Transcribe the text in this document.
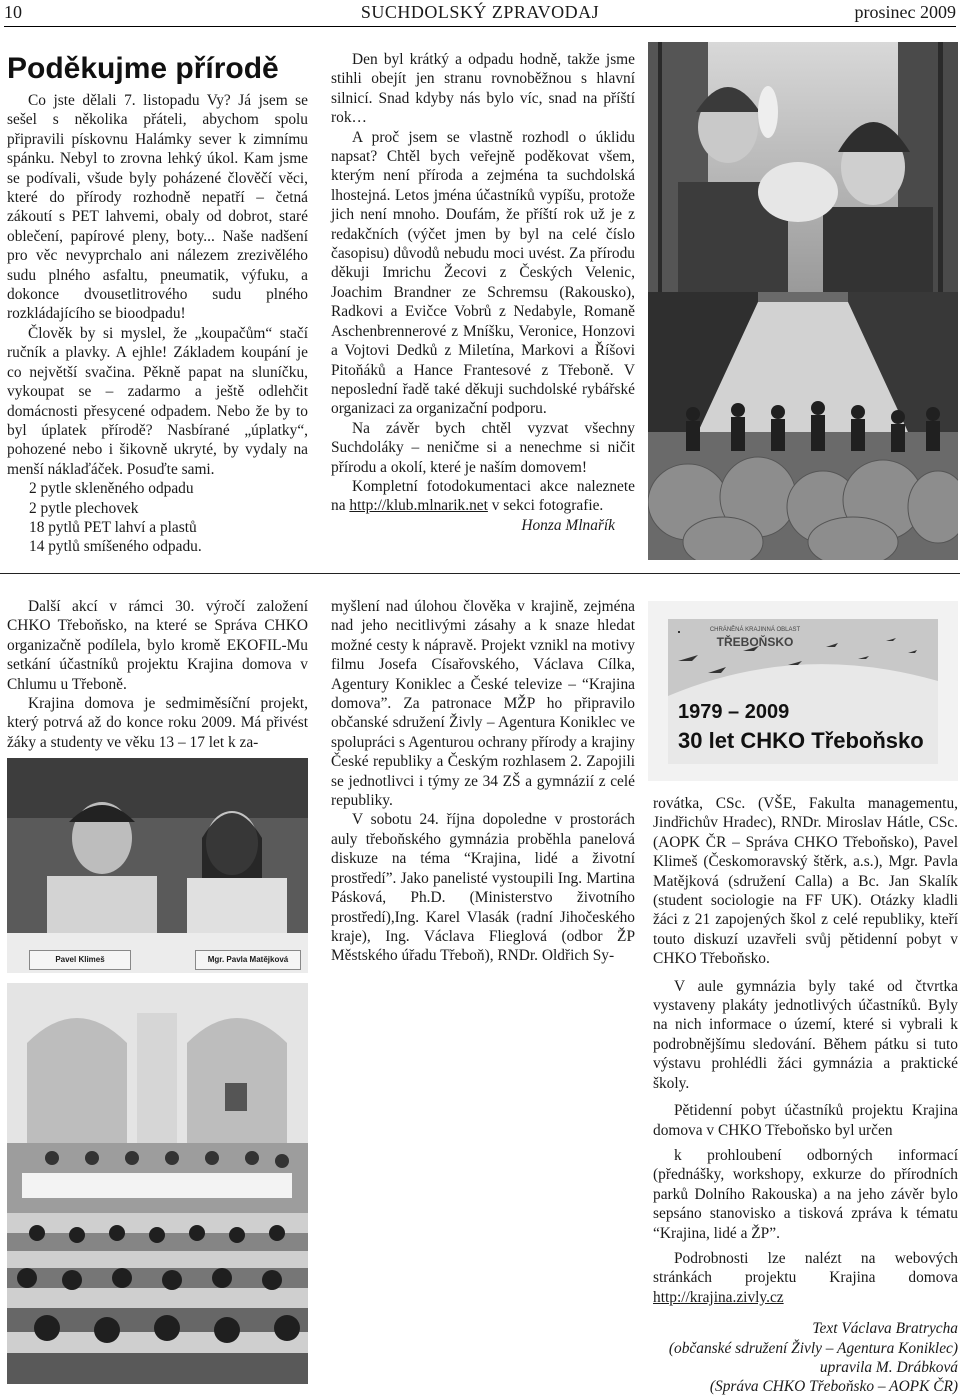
10	SUCHDOLSKÝ ZPRAVODAJ	prosinec 2009
Poděkujme přírodě

Co jste dělali 7. listopadu Vy? Já jsem se sešel s několika přáteli, abychom spolu připravili pískovnu Halámky sever k zimnímu spánku. Nebyl to zrovna lehký úkol. Kam jsme se podívali, všude byly poházené člověčí věci, které do přírody rozhodně nepatří – četná zákoutí s PET lahvemi, obaly od dobrot, staré oblečení, papírové pleny, boty... Naše nadšení pro věc nevyprchalo ani nálezem zrezivělého sudu plného asfaltu, pneumatik, výfuku, a dokonce dvousetlitrového sudu plného rozkládajícího se bioodpadu!

Člověk by si myslel, že „koupačům“ stačí ručník a plavky. A ejhle! Základem koupání je co největší svačina. Pěkně papat na sluníčku, vykoupat se – zadarmo a ještě odlehčit domácnosti přesycené odpadem. Nebo že by to byl úplatek přírodě? Nasbírané „úplatky“, pohozené nebo i šikovně ukryté, by vydaly na menší náklaďáček. Posuďte sami.

2 pytle skleněného odpadu

2 pytle plechovek

18 pytlů PET lahví a plastů

14 pytlů smíšeného odpadu.

Den byl krátký a odpadu hodně, takže jsme stihli obejít jen stranu rovnoběžnou s hlavní silnicí. Snad kdyby nás bylo víc, snad na příští rok…

A proč jsem se vlastně rozhodl o úklidu napsat? Chtěl bych veřejně poděkovat všem, kterým není příroda a zejména ta suchdolská lhostejná. Letos jména účastníků vypíšu, protože jich není mnoho. Doufám, že příští rok už je z redakčních (výčet jmen by byl na celé číslo časopisu) důvodů nebudu moci uvést. Za přírodu děkuji Imrichu Žecovi z Českých Velenic, Joachim Brandner ze Schremsu (Rakousko), Radkovi a Evičce Vobrů z Nedabyle, Romaně Aschenbrennerové z Mníšku, Veronice, Honzovi a Vojtovi Dedků z Miletína, Markovi a Říšovi Pitoňáků a Hance Frantesové z Třeboně. V neposlední řadě také děkuji suchdolské rybářské organizaci za organizační podporu.

Na závěr bych chtěl vyzvat všechny Suchdoláky – neničme si a nenechme si ničit přírodu a okolí, které je naším domovem!

Kompletní fotodokumentaci akce naleznete na http://klub.mlnarik.net v sekci fotografie.

Honza Mlnařík

Další akcí v rámci 30. výročí založení CHKO Třeboňsko, na které se Správa CHKO organizačně podílela, bylo kromě EKOFIL-Mu setkání účastníků projektu Krajina domova v Chlumu u Třeboně.

Krajina domova je sedmiměsíční projekt, který potrvá až do konce roku 2009. Má přivést žáky a studenty ve věku 13 – 17 let k za-

Pavel Klimeš	Mgr. Pavla Matějková

myšlení nad úlohou člověka v krajině, zejména nad jeho necitlivými zásahy a k snaze hledat možné cesty k nápravě. Projekt vznikl na motivy filmu Josefa Císařovského, Václava Cílka, Agentury Koniklec a České televize – “Krajina domova”. Za patronace MŽP ho připravilo občanské sdružení Živly – Agentura Koniklec ve spolupráci s Agenturou ochrany přírody a krajiny České republiky a Českým rozhlasem 2. Zapojili se jednotlivci i týmy ze 34 ZŠ a gymnázií z celé republiky.

V sobotu 24. října dopoledne v prostorách auly třeboňského gymnázia proběhla panelová diskuze na téma “Krajina, lidé a životní prostředí”. Jako panelisté vystoupili Ing. Martina Pásková, Ph.D. (Ministerstvo životního prostředí),Ing. Karel Vlasák (radní Jihočeského kraje), Ing. Václava Flieglová (odbor ŽP Městského úřadu Třeboň), RNDr. Oldřich Sy-

CHRÁNĚNÁ KRAJINNÁ OBLAST
TŘEBOŇSKO
1979 – 2009
30 let CHKO Třeboňsko

rovátka, CSc. (VŠE, Fakulta managementu, Jindřichův Hradec), RNDr. Miroslav Hátle, CSc. (AOPK ČR – Správa CHKO Třeboňsko), Pavel Klimeš (Českomoravský štěrk, a.s.), Mgr. Pavla Matějková (sdružení Calla) a Bc. Jan Skalík (student sociologie na FF UK). Otázky kladli žáci z 21 zapojených škol z celé republiky, kteří touto diskuzí uzavřeli svůj pětidenní pobyt v CHKO Třeboňsko.

V aule gymnázia byly také od čtvrtka vystaveny plakáty jednotlivých účastníků. Byly na nich informace o území, které si vybrali k podrobnějšímu sledování. Během pátku si tuto výstavu prohlédli žáci gymnázia a praktické školy.

Pětidenní pobyt účastníků projektu Krajina domova v CHKO Třeboňsko byl určen

k prohloubení odborných informací (přednášky, workshopy, exkurze do přírodních parků Dolního Rakouska) a na jeho závěr bylo sepsáno stanovisko a tisková zpráva k tématu “Krajina, lidé a ŽP”.

Podrobnosti lze nalézt na webových stránkách projektu Krajina domova http://krajina.zivly.cz

Text Václava Bratrycha

(občanské sdružení Živly – Agentura Koniklec)

upravila M. Drábková

(Správa CHKO Třeboňsko – AOPK ČR)
